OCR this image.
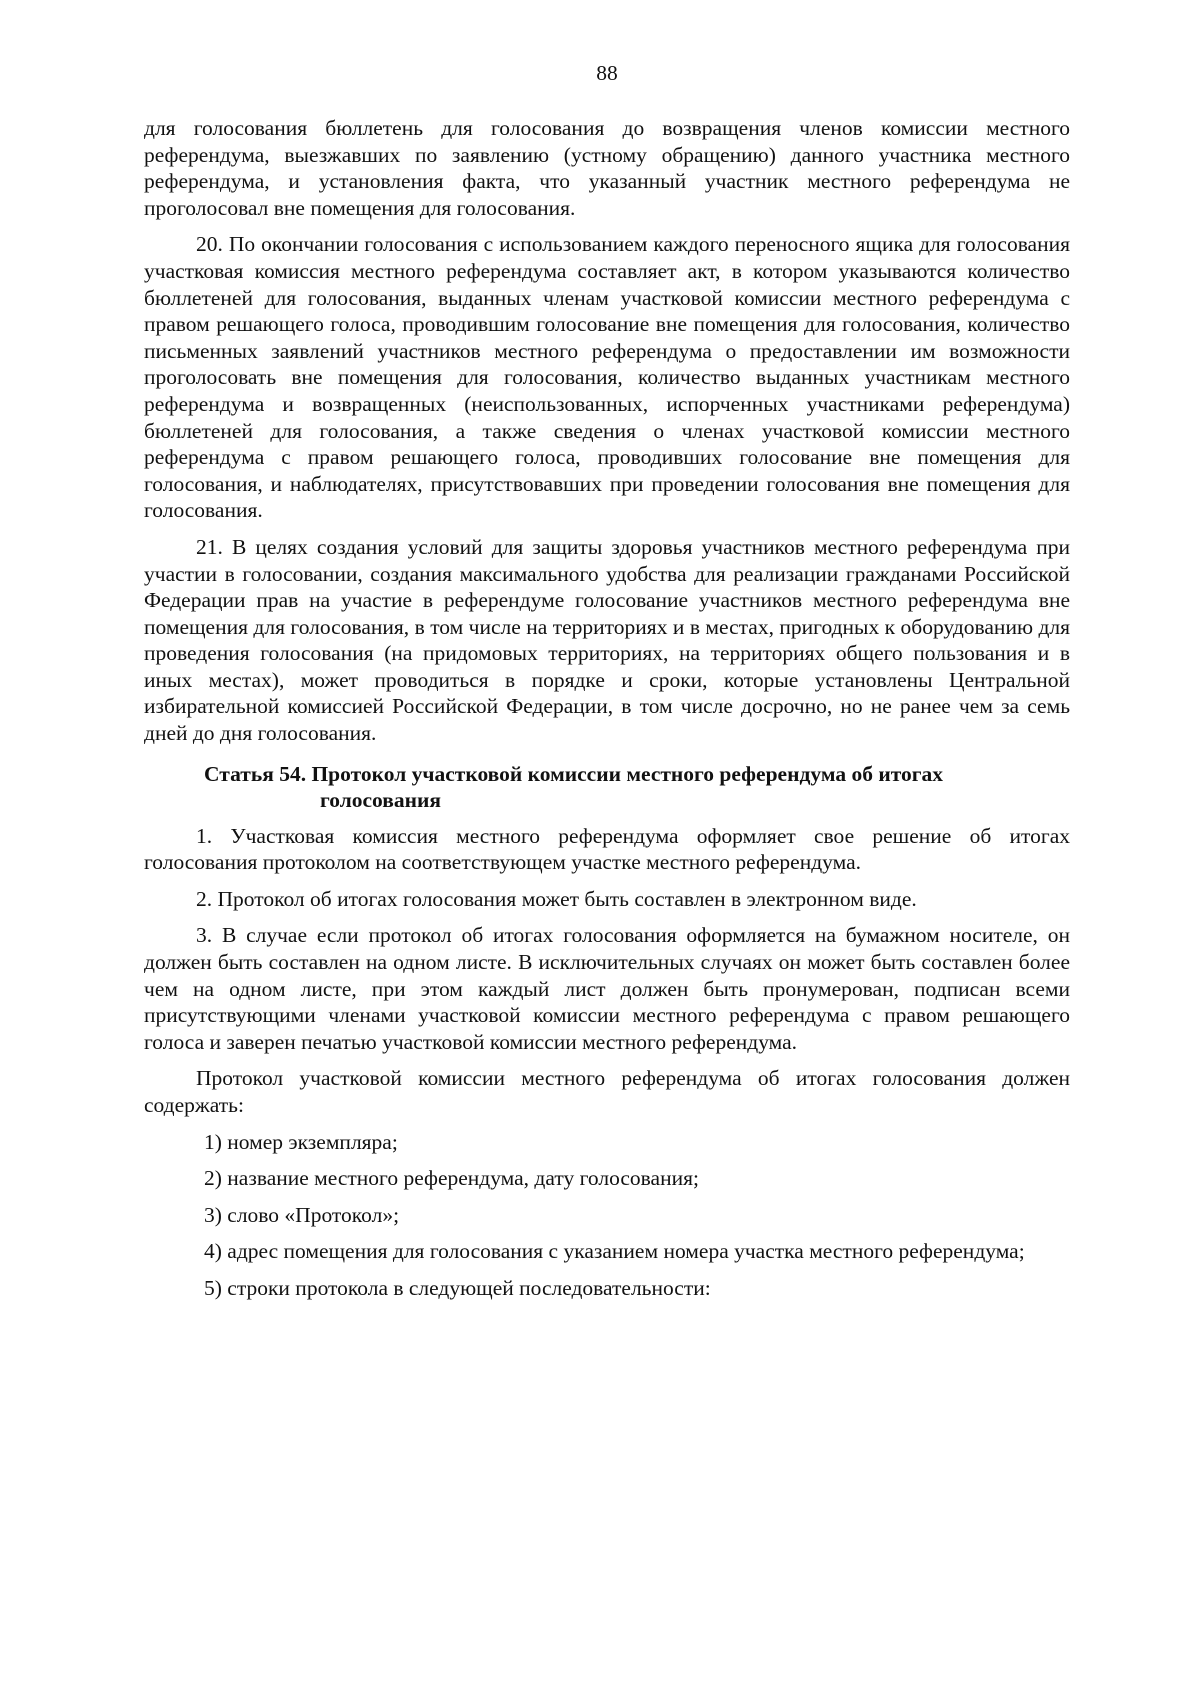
88

для голосования бюллетень для голосования до возвращения членов комиссии местного референдума, выезжавших по заявлению (устному обращению) данного участника местного референдума, и установления факта, что указанный участник местного референдума не проголосовал вне помещения для голосования.

20. По окончании голосования с использованием каждого переносного ящика для голосования участковая комиссия местного референдума составляет акт, в котором указываются количество бюллетеней для голосования, выданных членам участковой комиссии местного референдума с правом решающего голоса, проводившим голосование вне помещения для голосования, количество письменных заявлений участников местного референдума о предоставлении им возможности проголосовать вне помещения для голосования, количество выданных участникам местного референдума и возвращенных (неиспользованных, испорченных участниками референдума) бюллетеней для голосования, а также сведения о членах участковой комиссии местного референдума с правом решающего голоса, проводивших голосование вне помещения для голосования, и наблюдателях, присутствовавших при проведении голосования вне помещения для голосования.

21. В целях создания условий для защиты здоровья участников местного референдума при участии в голосовании, создания максимального удобства для реализации гражданами Российской Федерации прав на участие в референдуме голосование участников местного референдума вне помещения для голосования, в том числе на территориях и в местах, пригодных к оборудованию для проведения голосования (на придомовых территориях, на территориях общего пользования и в иных местах), может проводиться в порядке и сроки, которые установлены Центральной избирательной комиссией Российской Федерации, в том числе досрочно, но не ранее чем за семь дней до дня голосования.

Статья 54. Протокол участковой комиссии местного референдума об итогах
голосования

1. Участковая комиссия местного референдума оформляет свое решение об итогах голосования протоколом на соответствующем участке местного референдума.

2. Протокол об итогах голосования может быть составлен в электронном виде.

3. В случае если протокол об итогах голосования оформляется на бумажном носителе, он должен быть составлен на одном листе. В исключительных случаях он может быть составлен более чем на одном листе, при этом каждый лист должен быть пронумерован, подписан всеми присутствующими членами участковой комиссии местного референдума с правом решающего голоса и заверен печатью участковой комиссии местного референдума.

Протокол участковой комиссии местного референдума об итогах голосования должен содержать:

1) номер экземпляра;

2) название местного референдума, дату голосования;

3) слово «Протокол»;

4) адрес помещения для голосования с указанием номера участка местного референдума;

5) строки протокола в следующей последовательности:
